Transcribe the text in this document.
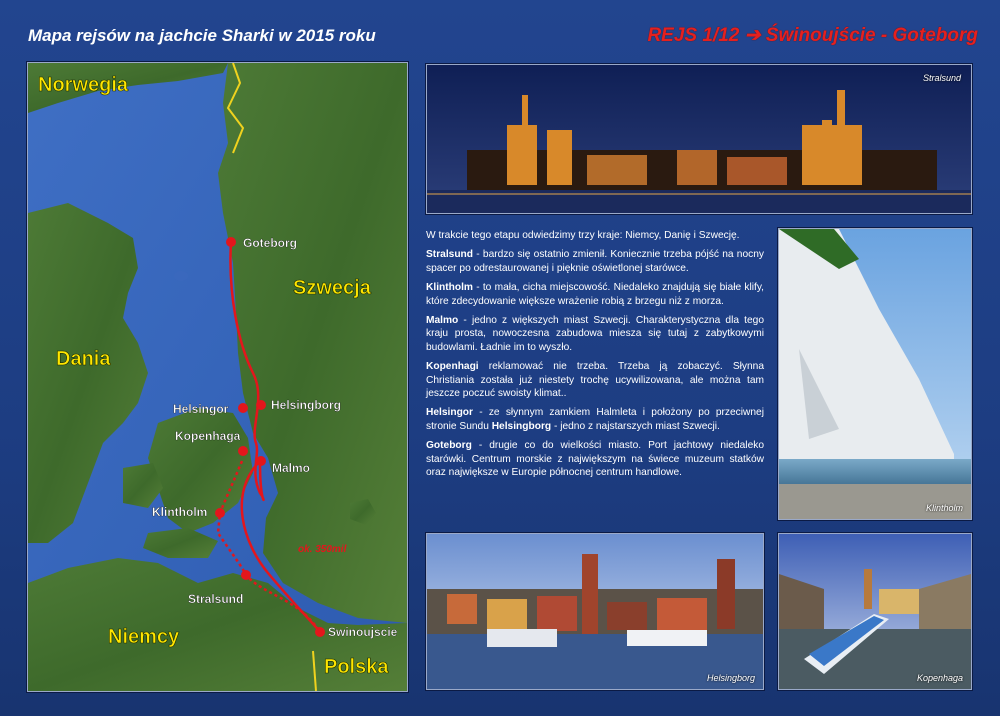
Mapa rejsów na jachcie Sharki w 2015 roku	REJS 1/12 ➔ Świnoujście - Goteborg
Norwegia
Szwecja
Dania
Niemcy
Polska
Goteborg
Helsingor	Helsingborg
Kopenhaga
Malmo
Klintholm
Stralsund
Swinoujscie
ok. 350mil
Stralsund

W trakcie tego etapu odwiedzimy trzy kraje: Niemcy, Danię i Szwecję.

Stralsund - bardzo się ostatnio zmienił. Koniecznie trzeba pójść na nocny spacer po odrestaurowanej i pięknie oświetlonej starówce.

Klintholm - to mała, cicha miejscowość. Niedaleko znajdują się białe klify, które zdecydowanie większe wrażenie robią z brzegu niż z morza.

Malmo - jedno z większych miast Szwecji. Charakterystyczna dla tego kraju prosta, nowoczesna zabudowa miesza się tutaj z zabytkowymi budowlami. Ładnie im to wyszło.

Kopenhagi reklamować nie trzeba. Trzeba ją zobaczyć. Słynna Christiania została już niestety trochę ucywilizowana, ale można tam jeszcze poczuć swoisty klimat..

Helsingor - ze słynnym zamkiem Halmleta i położony po przeciwnej stronie Sundu Helsingborg - jedno z najstarszych miast Szwecji.

Goteborg - drugie co do wielkości miasto. Port jachtowy niedaleko starówki. Centrum morskie z największym na świece muzeum statków oraz największe w Europie północnej centrum handlowe.

Klintholm
Helsingborg	Kopenhaga
